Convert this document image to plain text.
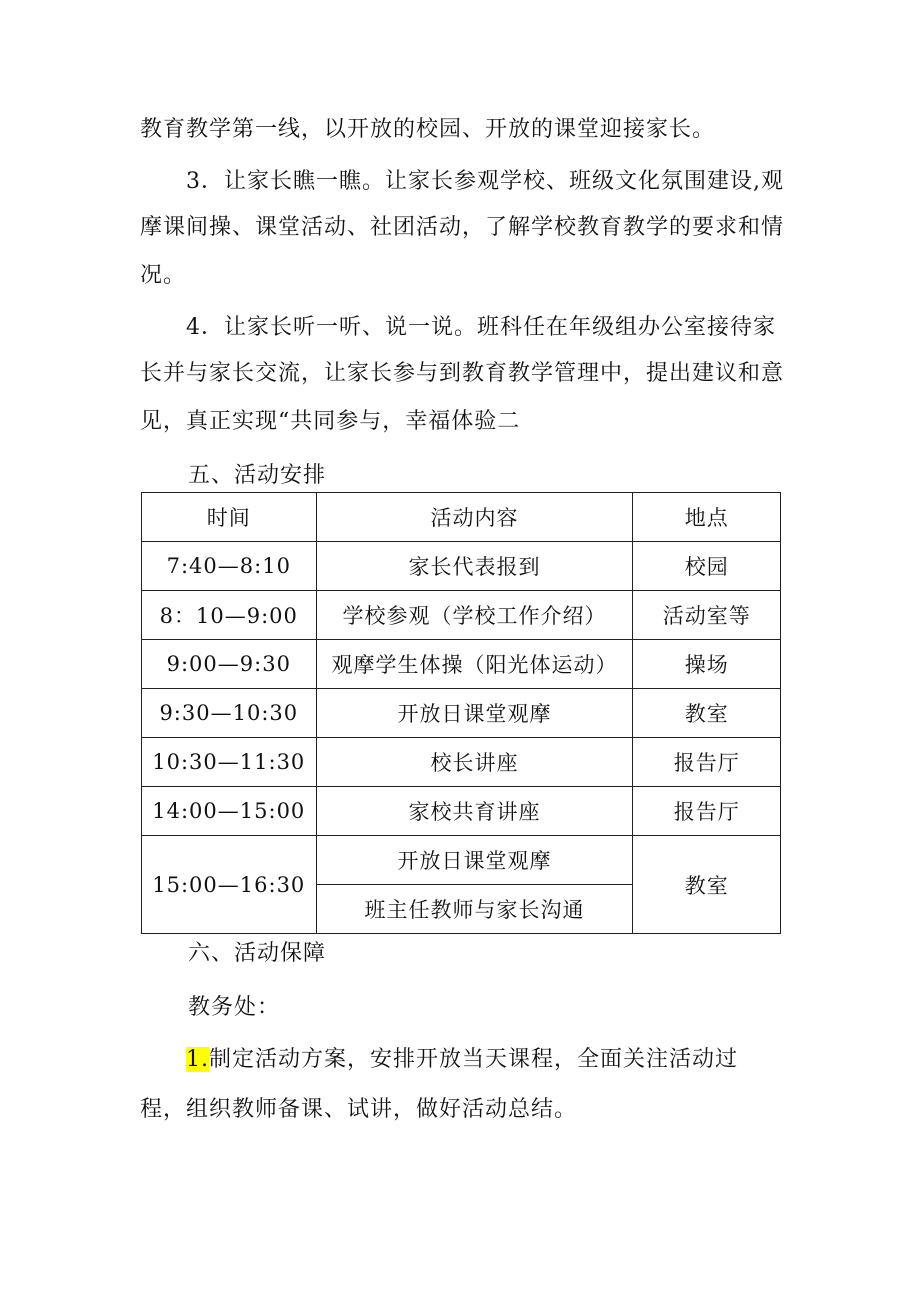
教育教学第一线，以开放的校园、开放的课堂迎接家长。
3．让家长瞧一瞧。让家长参观学校、班级文化氛围建设,观
摩课间操、课堂活动、社团活动，了解学校教育教学的要求和情
况。
4．让家长听一听、说一说。班科任在年级组办公室接待家
长并与家长交流，让家长参与到教育教学管理中，提出建议和意
见，真正实现“共同参与，幸福体验二
五、活动安排
时间	活动内容	地点
7:40—8:10	家长代表报到	校园
8：10—9:00	学校参观（学校工作介绍）	活动室等
9:00—9:30	观摩学生体操（阳光体运动）	操场
9:30—10:30	开放日课堂观摩	教室
10:30—11:30	校长讲座	报告厅
14:00—15:00	家校共育讲座	报告厅
15:00—16:30	开放日课堂观摩	教室
	班主任教师与家长沟通	
六、活动保障
教务处：
1.制定活动方案，安排开放当天课程，全面关注活动过
程，组织教师备课、试讲，做好活动总结。
